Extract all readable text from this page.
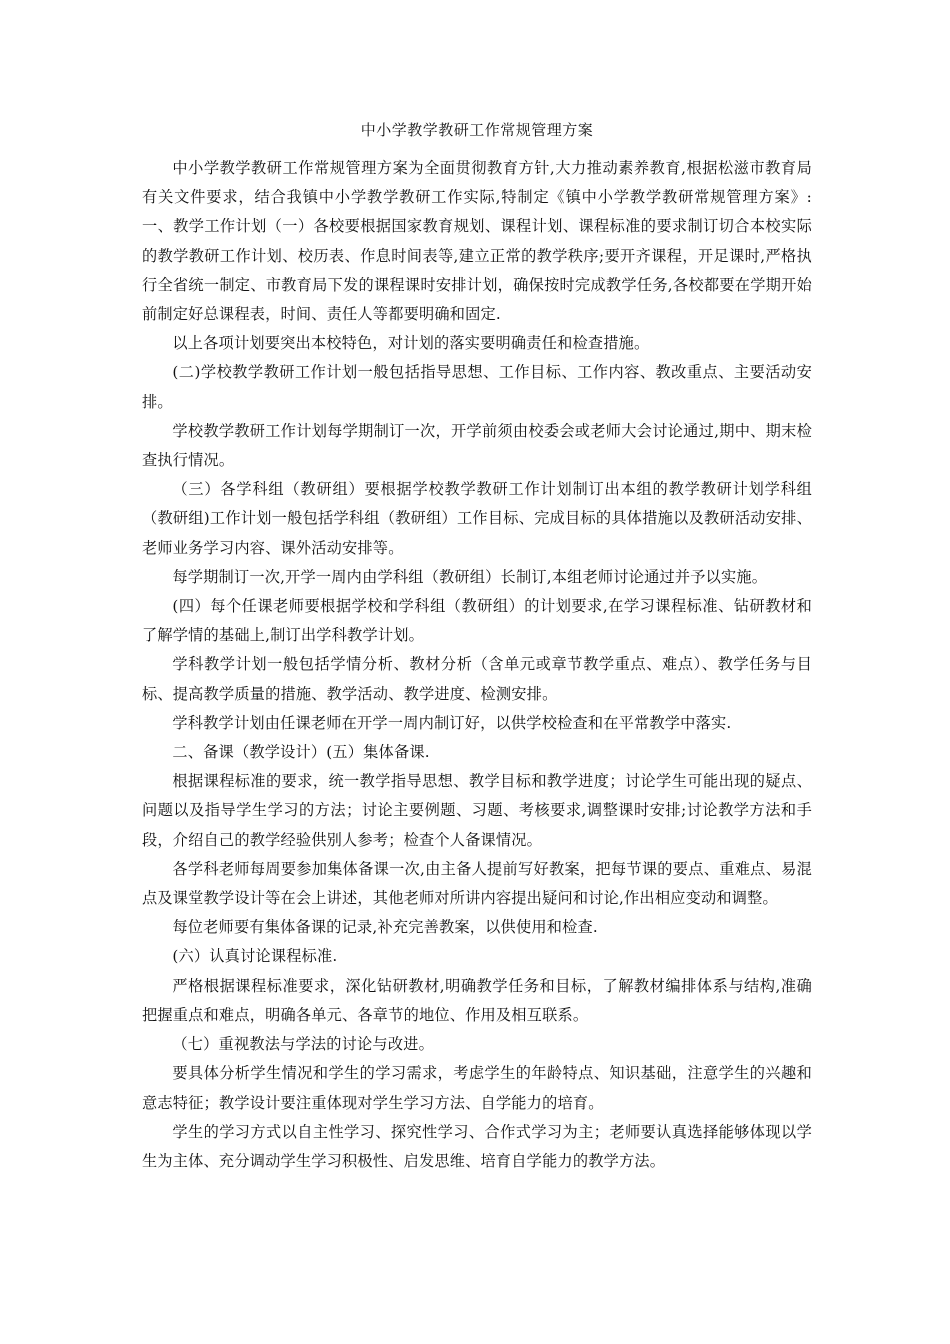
中小学教学教研工作常规管理方案

中小学教学教研工作常规管理方案为全面贯彻教育方针,大力推动素养教育,根据松滋市教育局有关文件要求，结合我镇中小学教学教研工作实际,特制定《镇中小学教学教研常规管理方案》:一、教学工作计划（一）各校要根据国家教育规划、课程计划、课程标准的要求制订切合本校实际的教学教研工作计划、校历表、作息时间表等,建立正常的教学秩序;要开齐课程，开足课时,严格执行全省统一制定、市教育局下发的课程课时安排计划，确保按时完成教学任务,各校都要在学期开始前制定好总课程表，时间、责任人等都要明确和固定.

以上各项计划要突出本校特色，对计划的落实要明确责任和检查措施。

(二)学校教学教研工作计划一般包括指导思想、工作目标、工作内容、教改重点、主要活动安排。

学校教学教研工作计划每学期制订一次，开学前须由校委会或老师大会讨论通过,期中、期末检查执行情况。

（三）各学科组（教研组）要根据学校教学教研工作计划制订出本组的教学教研计划学科组（教研组)工作计划一般包括学科组（教研组）工作目标、完成目标的具体措施以及教研活动安排、老师业务学习内容、课外活动安排等。

每学期制订一次,开学一周内由学科组（教研组）长制订,本组老师讨论通过并予以实施。

(四）每个任课老师要根据学校和学科组（教研组）的计划要求,在学习课程标准、钻研教材和了解学情的基础上,制订出学科教学计划。

学科教学计划一般包括学情分析、教材分析（含单元或章节教学重点、难点）、教学任务与目标、提高教学质量的措施、教学活动、教学进度、检测安排。

学科教学计划由任课老师在开学一周内制订好，以供学校检查和在平常教学中落实.

二、备课（教学设计）(五）集体备课.

根据课程标准的要求，统一教学指导思想、教学目标和教学进度；讨论学生可能出现的疑点、问题以及指导学生学习的方法；讨论主要例题、习题、考核要求,调整课时安排;讨论教学方法和手段，介绍自己的教学经验供别人参考；检查个人备课情况。

各学科老师每周要参加集体备课一次,由主备人提前写好教案，把每节课的要点、重难点、易混点及课堂教学设计等在会上讲述，其他老师对所讲内容提出疑问和讨论,作出相应变动和调整。

每位老师要有集体备课的记录,补充完善教案，以供使用和检查.

(六）认真讨论课程标准.

严格根据课程标准要求，深化钻研教材,明确教学任务和目标，了解教材编排体系与结构,准确把握重点和难点，明确各单元、各章节的地位、作用及相互联系。

（七）重视教法与学法的讨论与改进。

要具体分析学生情况和学生的学习需求，考虑学生的年龄特点、知识基础，注意学生的兴趣和意志特征；教学设计要注重体现对学生学习方法、自学能力的培育。

学生的学习方式以自主性学习、探究性学习、合作式学习为主；老师要认真选择能够体现以学生为主体、充分调动学生学习积极性、启发思维、培育自学能力的教学方法。
